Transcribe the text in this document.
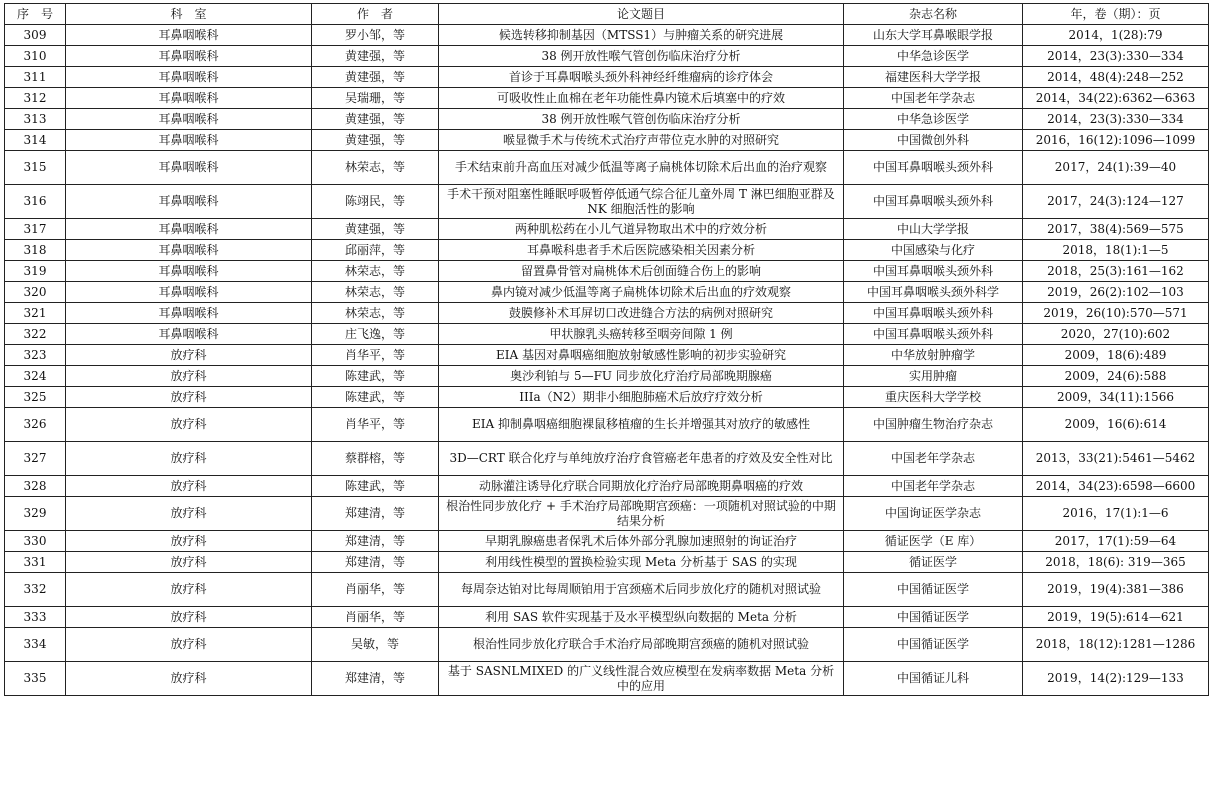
序　号	科　室	作　者	论文题目	杂志名称	年，卷（期）：页
309	耳鼻咽喉科	罗小邹，等	候选转移抑制基因（MTSS1）与肿瘤关系的研究进展	山东大学耳鼻喉眼学报	2014，1(28):79
310	耳鼻咽喉科	黄建强，等	38 例开放性喉气管创伤临床治疗分析	中华急诊医学	2014，23(3):330—334
311	耳鼻咽喉科	黄建强，等	首诊于耳鼻咽喉头颈外科神经纤维瘤病的诊疗体会	福建医科大学学报	2014，48(4):248—252
312	耳鼻咽喉科	吴瑞珊，等	可吸收性止血棉在老年功能性鼻内镜术后填塞中的疗效	中国老年学杂志	2014，34(22):6362—6363
313	耳鼻咽喉科	黄建强，等	38 例开放性喉气管创伤临床治疗分析	中华急诊医学	2014，23(3):330—334
314	耳鼻咽喉科	黄建强，等	喉显微手术与传统术式治疗声带位克水肿的对照研究	中国微创外科	2016，16(12):1096—1099
315	耳鼻咽喉科	林荣志，等	手术结束前升高血压对减少低温等离子扁桃体切除术后出血的治疗观察	中国耳鼻咽喉头颈外科	2017，24(1):39—40
316	耳鼻咽喉科	陈翊民，等	手术干预对阻塞性睡眠呼吸暂停低通气综合征儿童外周 T 淋巴细胞亚群及 NK 细胞活性的影响	中国耳鼻咽喉头颈外科	2017，24(3):124—127
317	耳鼻咽喉科	黄建强，等	两种肌松药在小儿气道异物取出术中的疗效分析	中山大学学报	2017，38(4):569—575
318	耳鼻咽喉科	邱丽萍，等	耳鼻喉科患者手术后医院感染相关因素分析	中国感染与化疗	2018，18(1):1—5
319	耳鼻咽喉科	林荣志，等	留置鼻骨管对扁桃体术后创面缝合伤上的影响	中国耳鼻咽喉头颈外科	2018，25(3):161—162
320	耳鼻咽喉科	林荣志，等	鼻内镜对减少低温等离子扁桃体切除术后出血的疗效观察	中国耳鼻咽喉头颈外科学	2019，26(2):102—103
321	耳鼻咽喉科	林荣志，等	鼓膜修补术耳屏切口改进缝合方法的病例对照研究	中国耳鼻咽喉头颈外科	2019，26(10):570—571
322	耳鼻咽喉科	庄飞逸，等	甲状腺乳头癌转移至咽旁间隙 1 例	中国耳鼻咽喉头颈外科	2020，27(10):602
323	放疗科	肖华平，等	EIA 基因对鼻咽癌细胞放射敏感性影响的初步实验研究	中华放射肿瘤学	2009，18(6):489
324	放疗科	陈建武，等	奥沙利铂与 5—FU 同步放化疗治疗局部晚期腺癌	实用肿瘤	2009，24(6):588
325	放疗科	陈建武，等	IIIa（N2）期非小细胞肺癌术后放疗疗效分析	重庆医科大学学校	2009，34(11):1566
326	放疗科	肖华平，等	EIA 抑制鼻咽癌细胞裸鼠移植瘤的生长并增强其对放疗的敏感性	中国肿瘤生物治疗杂志	2009，16(6):614
327	放疗科	蔡群榕，等	3D—CRT 联合化疗与单纯放疗治疗食管癌老年患者的疗效及安全性对比	中国老年学杂志	2013，33(21):5461—5462
328	放疗科	陈建武，等	动脉灌注诱导化疗联合同期放化疗治疗局部晚期鼻咽癌的疗效	中国老年学杂志	2014，34(23):6598—6600
329	放疗科	郑建清，等	根治性同步放化疗 + 手术治疗局部晚期宫颈癌：一项随机对照试验的中期结果分析	中国询证医学杂志	2016，17(1):1—6
330	放疗科	郑建清，等	早期乳腺癌患者保乳术后体外部分乳腺加速照射的询证治疗	循证医学（E 库）	2017，17(1):59—64
331	放疗科	郑建清，等	利用线性模型的置换检验实现 Meta 分析基于 SAS 的实现	循证医学	2018，18(6): 319—365
332	放疗科	肖丽华，等	每周奈达铂对比每周顺铂用于宫颈癌术后同步放化疗的随机对照试验	中国循证医学	2019，19(4):381—386
333	放疗科	肖丽华，等	利用 SAS 软件实现基于及水平模型纵向数据的 Meta 分析	中国循证医学	2019，19(5):614—621
334	放疗科	吴敏，等	根治性同步放化疗联合手术治疗局部晚期宫颈癌的随机对照试验	中国循证医学	2018，18(12):1281—1286
335	放疗科	郑建清，等	基于 SASNLMIXED 的广义线性混合效应模型在发病率数据 Meta 分析中的应用	中国循证儿科	2019，14(2):129—133
